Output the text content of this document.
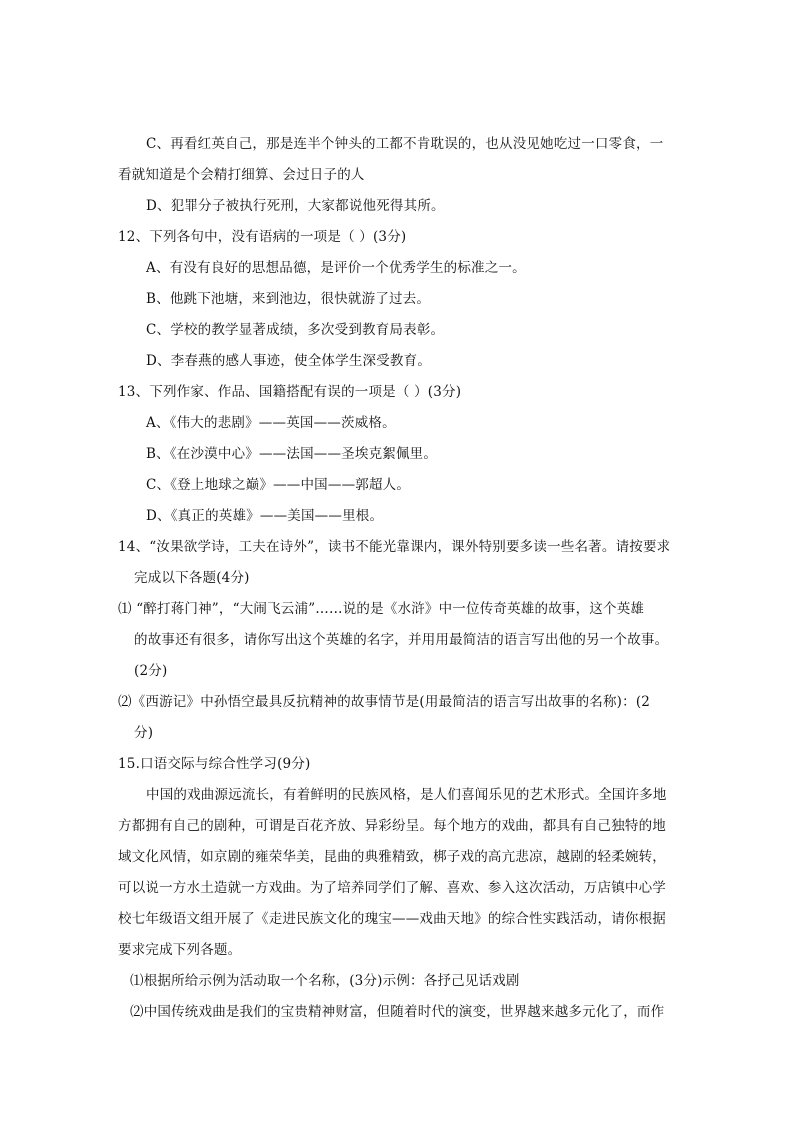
C、再看红英自己，那是连半个钟头的工都不肯耽误的，也从没见她吃过一口零食，一
看就知道是个会精打细算、会过日子的人
D、犯罪分子被执行死刑，大家都说他死得其所。
12、下列各句中，没有语病的一项是（ ）(3分)
A、有没有良好的思想品德，是评价一个优秀学生的标准之一。
B、他跳下池塘，来到池边，很快就游了过去。
C、学校的教学显著成绩，多次受到教育局表彰。
D、李春燕的感人事迹，使全体学生深受教育。
13、下列作家、作品、国籍搭配有误的一项是（ ）(3分)
A、《伟大的悲剧》——英国——茨威格。
B、《在沙漠中心》——法国——圣埃克絮佩里。
C、《登上地球之巅》——中国——郭超人。
D、《真正的英雄》——美国——里根。
14、“汝果欲学诗，工夫在诗外”，读书不能光靠课内，课外特别要多读一些名著。请按要求
完成以下各题(4分)
⑴ “醉打蒋门神”，“大闹飞云浦”……说的是《水浒》中一位传奇英雄的故事，这个英雄
的故事还有很多，请你写出这个英雄的名字，并用用最简洁的语言写出他的另一个故事。
(2分)
⑵《西游记》中孙悟空最具反抗精神的故事情节是(用最简洁的语言写出故事的名称)：(2
分)
15.口语交际与综合性学习(9分)
中国的戏曲源远流长，有着鲜明的民族风格，是人们喜闻乐见的艺术形式。全国许多地
方都拥有自己的剧种，可谓是百花齐放、异彩纷呈。每个地方的戏曲，都具有自己独特的地
域文化风情，如京剧的雍荣华美，昆曲的典雅精致，梆子戏的高亢悲凉，越剧的轻柔婉转，
可以说一方水土造就一方戏曲。为了培养同学们了解、喜欢、参入这次活动，万店镇中心学
校七年级语文组开展了《走进民族文化的瑰宝——戏曲天地》的综合性实践活动，请你根据
要求完成下列各题。
⑴根据所给示例为活动取一个名称，(3分)示例：各抒己见话戏剧
⑵中国传统戏曲是我们的宝贵精神财富，但随着时代的演变，世界越来越多元化了，而作
